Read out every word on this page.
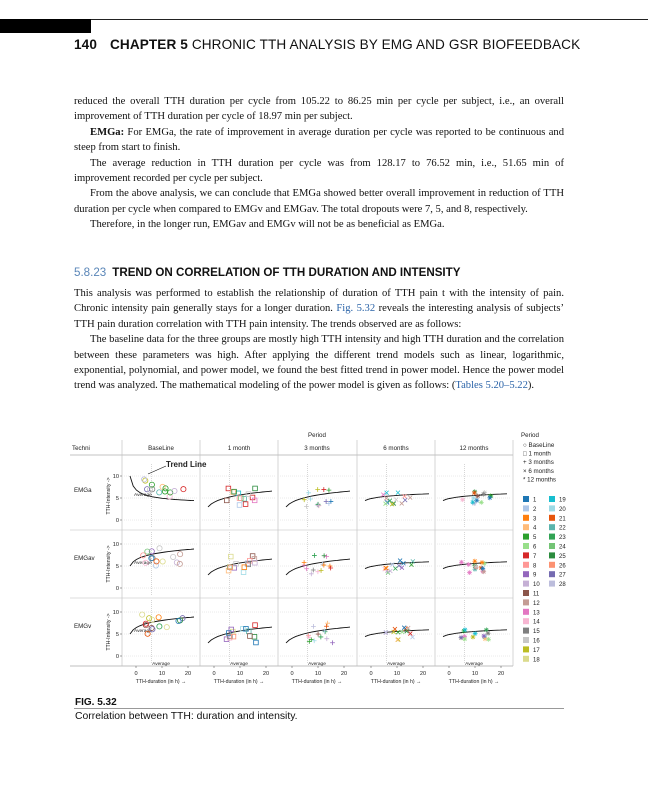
140 CHAPTER 5 CHRONIC TTH ANALYSIS BY EMG AND GSR BIOFEEDBACK

reduced the overall TTH duration per cycle from 105.22 to 86.25 min per cycle per subject, i.e., an overall improvement of TTH duration per cycle of 18.97 min per subject.

EMGa: For EMGa, the rate of improvement in average duration per cycle was reported to be continuous and steep from start to finish.

The average reduction in TTH duration per cycle was from 128.17 to 76.52 min, i.e., 51.65 min of improvement recorded per cycle per subject.

From the above analysis, we can conclude that EMGa showed better overall improvement in reduction of TTH duration per cycle when compared to EMGv and EMGav. The total dropouts were 7, 5, and 8, respectively.

Therefore, in the longer run, EMGav and EMGv will not be as beneficial as EMGa.

5.8.23 TREND ON CORRELATION OF TTH DURATION AND INTENSITY

This analysis was performed to establish the relationship of duration of TTH pain t with the intensity of pain. Chronic intensity pain generally stays for a longer duration. Fig. 5.32 reveals the interesting analysis of subjects’ TTH pain duration correlation with TTH pain intensity. The trends observed are as follows:

The baseline data for the three groups are mostly high TTH intensity and high TTH duration and the correlation between these parameters was high. After applying the different trend models such as linear, logarithmic, exponential, polynomial, and power model, we found the best fitted trend in power model. Hence the power model trend was analyzed. The mathematical modeling of the power model is given as follows: (Tables 5.20–5.22).

Period
Techni	BaseLine	1 month	3 months	6 months	12 months
EMGa	TTH-Intensity ->
0
5
10
Average
EMGav TTH-Intensity ->
0
5
10
Average
EMGv	TTH-Intensity ->
0
5
10
Average
Average	Average	Average	Average	Average
Trend Line
0	10	20
TTH-duration (in h) →
0	10	20
TTH-duration (in h) →
0	10	20
TTH-duration (in h) →
0	10	20
TTH-duration (in h) →
0	10	20
TTH-duration (in h) →
Period
○ BaseLine
□ 1 month
+ 3 months
× 6 months
* 12 months
1
2
3
4
5
6
7
8
9
10
11
12
13
14
15
16
17
18
19
20
21
22
23
24
25
26
27
28
FIG. 5.32
Correlation between TTH: duration and intensity.
